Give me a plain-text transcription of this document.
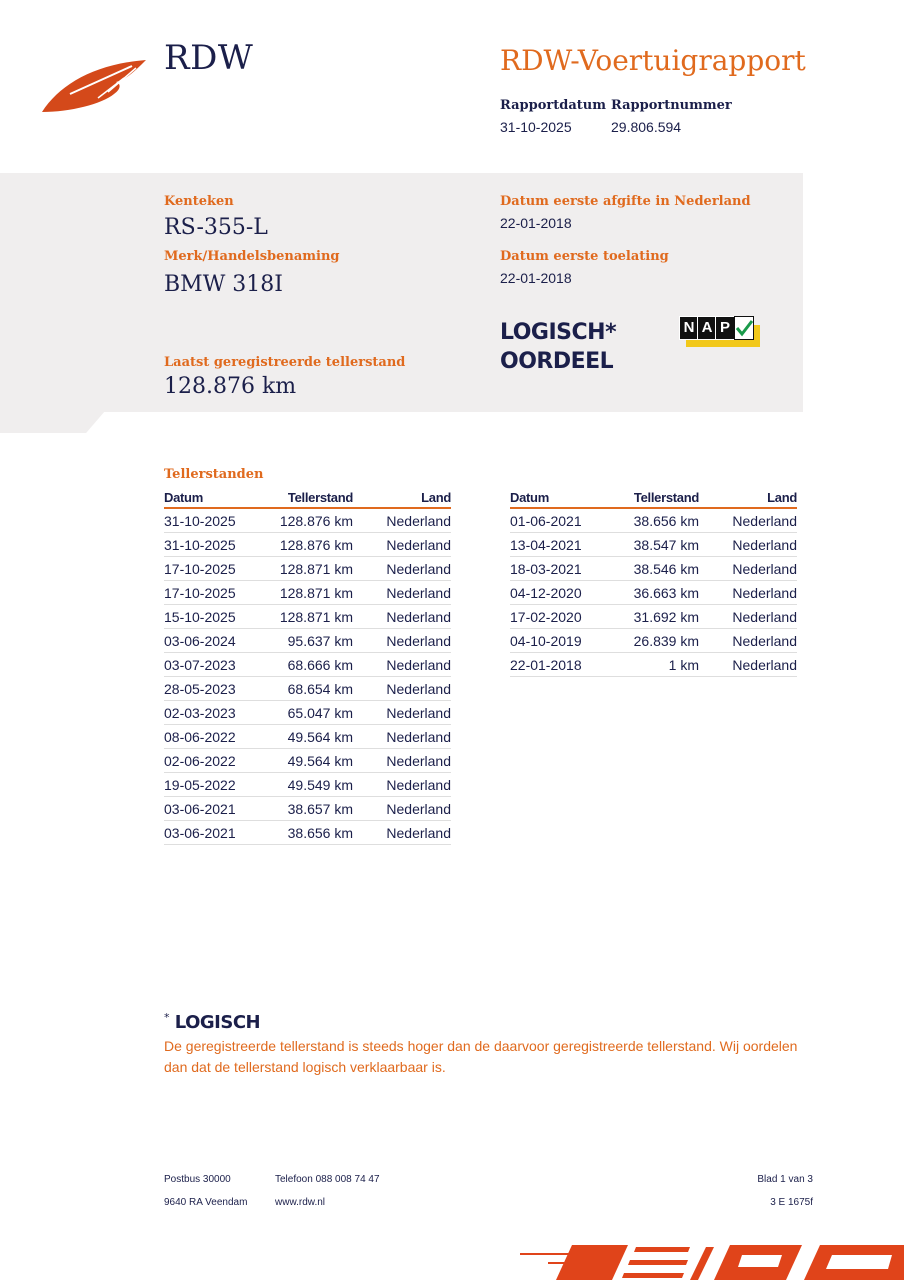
RDW	RDW-Voertuigrapport
Rapportdatum
31-10-2025
Rapportnummer
29.806.594
Kenteken
RS-355-L
Merk/Handelsbenaming
BMW 318I
Laatst geregistreerde tellerstand
128.876 km
Datum eerste afgifte in Nederland
22-01-2018
Datum eerste toelating
22-01-2018
LOGISCH*
OORDEEL
N A P
Tellerstanden
Datum	Tellerstand	Land
31-10-2025	128.876 km	Nederland
31-10-2025	128.876 km	Nederland
17-10-2025	128.871 km	Nederland
17-10-2025	128.871 km	Nederland
15-10-2025	128.871 km	Nederland
03-06-2024	95.637 km	Nederland
03-07-2023	68.666 km	Nederland
28-05-2023	68.654 km	Nederland
02-03-2023	65.047 km	Nederland
08-06-2022	49.564 km	Nederland
02-06-2022	49.564 km	Nederland
19-05-2022	49.549 km	Nederland
03-06-2021	38.657 km	Nederland
03-06-2021	38.656 km	Nederland
Datum	Tellerstand	Land
01-06-2021	38.656 km	Nederland
13-04-2021	38.547 km	Nederland
18-03-2021	38.546 km	Nederland
04-12-2020	36.663 km	Nederland
17-02-2020	31.692 km	Nederland
04-10-2019	26.839 km	Nederland
22-01-2018	1 km	Nederland
* LOGISCH
De geregistreerde tellerstand is steeds hoger dan de daarvoor geregistreerde tellerstand. Wij oordelen dan dat de tellerstand logisch verklaarbaar is.
Postbus 30000
9640 RA Veendam
Telefoon 088 008 74 47
www.rdw.nl
Blad 1 van 3
3 E 1675f
